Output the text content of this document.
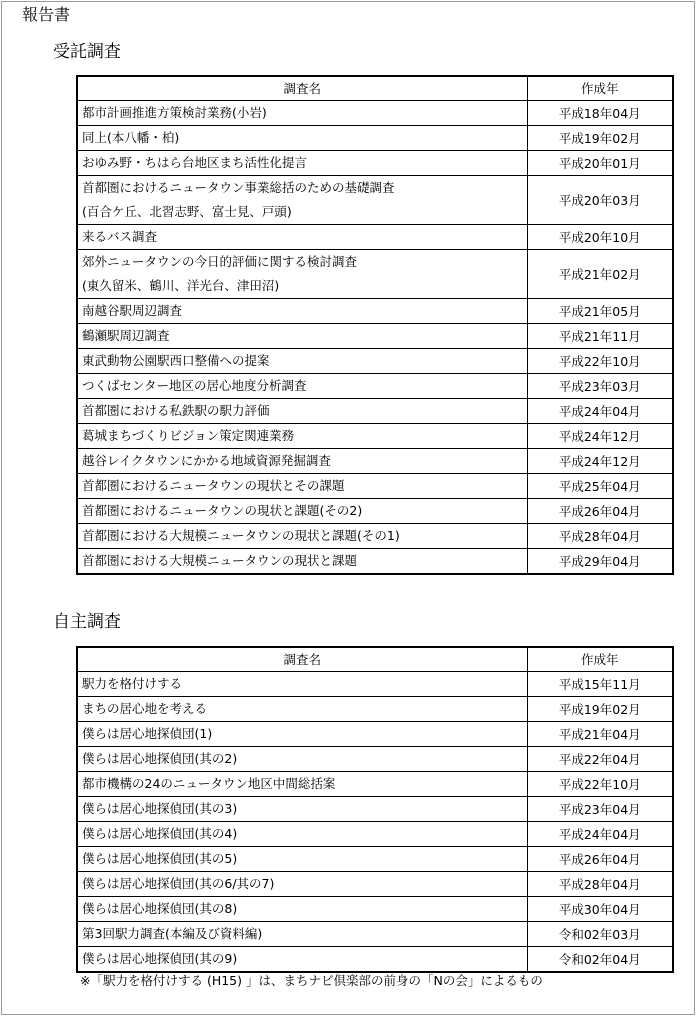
報告書
受託調査
調査名	作成年

都市計画推進方策検討業務(小岩)	平成18年04月

同上(本八幡・柏)	平成19年02月

おゆみ野・ちはら台地区まち活性化提言	平成20年01月

首都圏におけるニュータウン事業総括のための基礎調査
(百合ケ丘、北習志野、富士見、戸頭)	平成20年03月

来るバス調査	平成20年10月

郊外ニュータウンの今日的評価に関する検討調査
(東久留米、鶴川、洋光台、津田沼)	平成21年02月

南越谷駅周辺調査	平成21年05月

鶴瀬駅周辺調査	平成21年11月

東武動物公園駅西口整備への提案	平成22年10月

つくばセンター地区の居心地度分析調査	平成23年03月

首都圏における私鉄駅の駅力評価	平成24年04月

葛城まちづくりビジョン策定関連業務	平成24年12月

越谷レイクタウンにかかる地域資源発掘調査	平成24年12月

首都圏におけるニュータウンの現状とその課題	平成25年04月

首都圏におけるニュータウンの現状と課題(その2)	平成26年04月

首都圏における大規模ニュータウンの現状と課題(その1)	平成28年04月

首都圏における大規模ニュータウンの現状と課題	平成29年04月
自主調査
調査名	作成年

駅力を格付けする	平成15年11月

まちの居心地を考える	平成19年02月

僕らは居心地探偵団(1)	平成21年04月

僕らは居心地探偵団(其の2)	平成22年04月

都市機構の24のニュータウン地区中間総括案	平成22年10月

僕らは居心地探偵団(其の3)	平成23年04月

僕らは居心地探偵団(其の4)	平成24年04月

僕らは居心地探偵団(其の5)	平成26年04月

僕らは居心地探偵団(其の6/其の7)	平成28年04月

僕らは居心地探偵団(其の8)	平成30年04月

第3回駅力調査(本編及び資料編)	令和02年03月

僕らは居心地探偵団(其の9)	令和02年04月

※「駅力を格付けする (H15) 」は、まちナビ倶楽部の前身の「Nの会」によるもの
